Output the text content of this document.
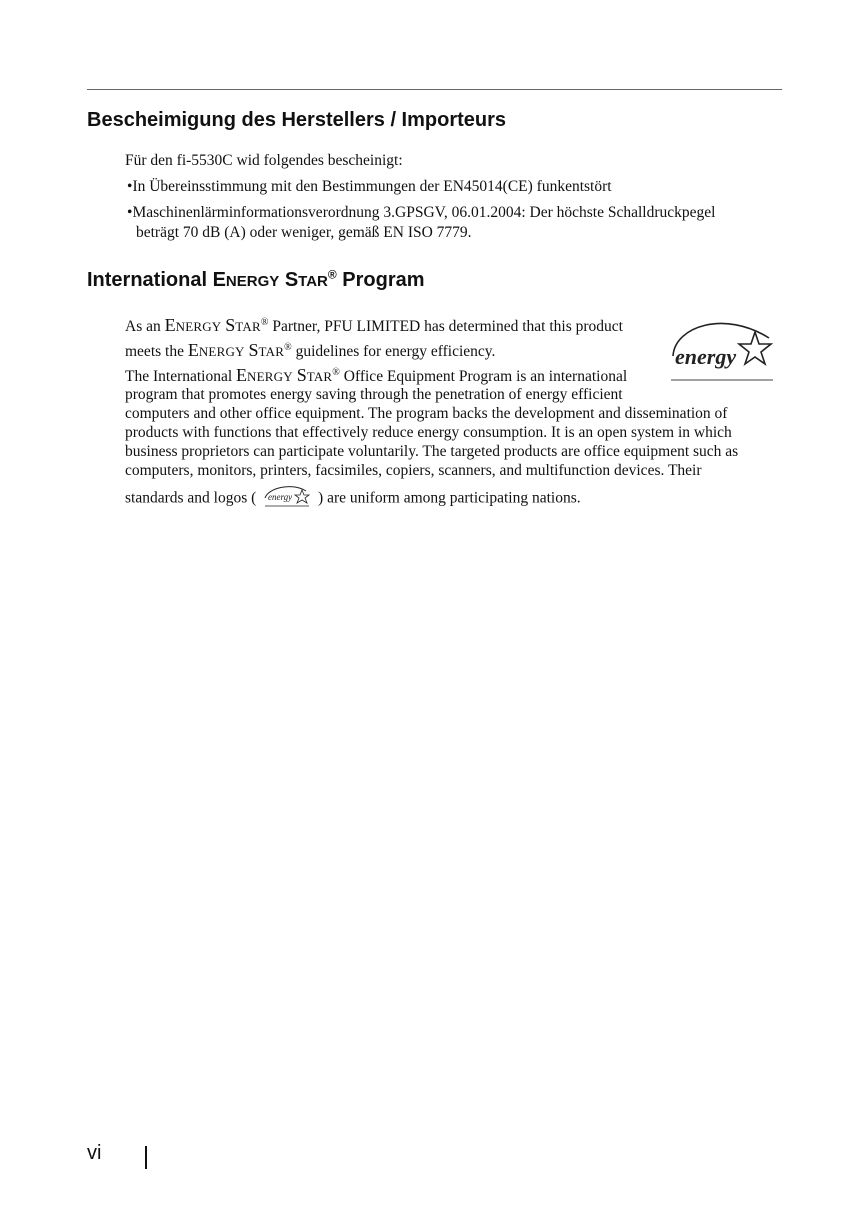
Bescheimigung des Herstellers / Importeurs
Für den fi-5530C wid folgendes bescheinigt:
•In Übereinsstimmung mit den Bestimmungen der EN45014(CE) funkentstört
•Maschinenlärminformationsverordnung 3.GPSGV, 06.01.2004: Der höchste Schalldruckpegel
beträgt 70 dB (A) oder weniger, gemäß EN ISO 7779.
International ENERGY STAR® Program
As an ENERGY STAR® Partner, PFU LIMITED has determined that this product
meets the ENERGY STAR® guidelines for energy efficiency.
The International ENERGY STAR® Office Equipment Program is an international
program that promotes energy saving through the penetration of energy efficient
computers and other office equipment. The program backs the development and dissemination of
products with functions that effectively reduce energy consumption. It is an open system in which
business proprietors can participate voluntarily. The targeted products are office equipment such as
computers, monitors, printers, facsimiles, copiers, scanners, and multifunction devices. Their
standards and logos ( energy ) are uniform among participating nations.
energy
vi
